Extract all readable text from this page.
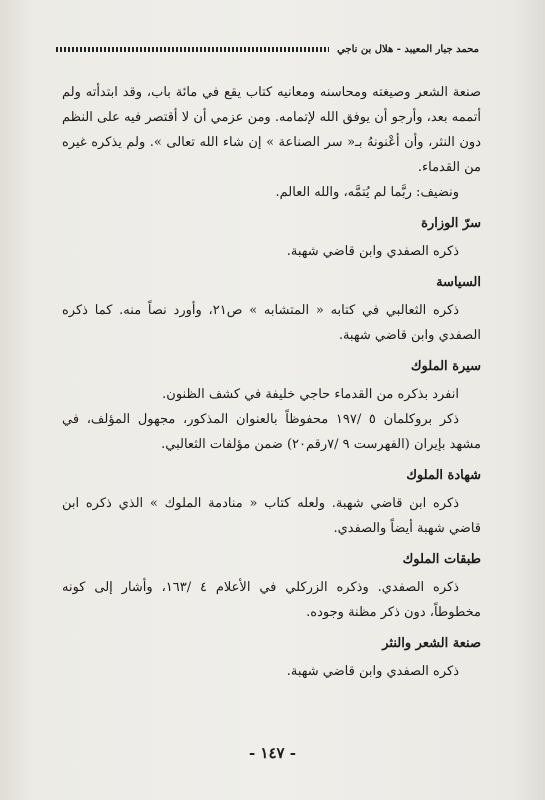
محمد جبار المعيبد - هلال بن ناجي

صنعة الشعر وصيغته ومحاسنه ومعانيه كتاب يقع في مائة باب، وقد ابتدأته ولم أتممه بعد، وأرجو أن يوفق الله لإتمامه. ومن عزمي أن لا أقتصر فيه على النظم دون النثر، وأن أعْنونهُ بـ« سر الصناعة » إن شاء الله تعالى ». ولم يذكره غيره من القدماء.

ونضيف: ربَّما لم يُتمَّه، والله العالم.

سرّ الوزارة

ذكره الصفدي وابن قاضي شهبة.

السياسة

ذكره الثعالبي في كتابه « المتشابه » ص٢١، وأورد نصاً منه. كما ذكره الصفدي وابن قاضي شهبة.

سيرة الملوك

انفرد بذكره من القدماء حاجي خليفة في كشف الظنون.

ذكر بروكلمان ٥ /١٩٧ محفوظاً بالعنوان المذكور، مجهول المؤلف، في مشهد بإيران (الفهرست ٩ /٧رقم٢٠) ضمن مؤلفات الثعالبي.

شهادة الملوك

ذكره ابن قاضي شهبة. ولعله كتاب « منادمة الملوك » الذي ذكره ابن قاضي شهبة أيضاً والصفدي.

طبقات الملوك

ذكره الصفدي. وذكره الزركلي في الأعلام ٤ /١٦٣، وأشار إلى كونه مخطوطاً، دون ذكر مظنة وجوده.

صنعة الشعر والنثر

ذكره الصفدي وابن قاضي شهبة.

- ١٤٧ -
